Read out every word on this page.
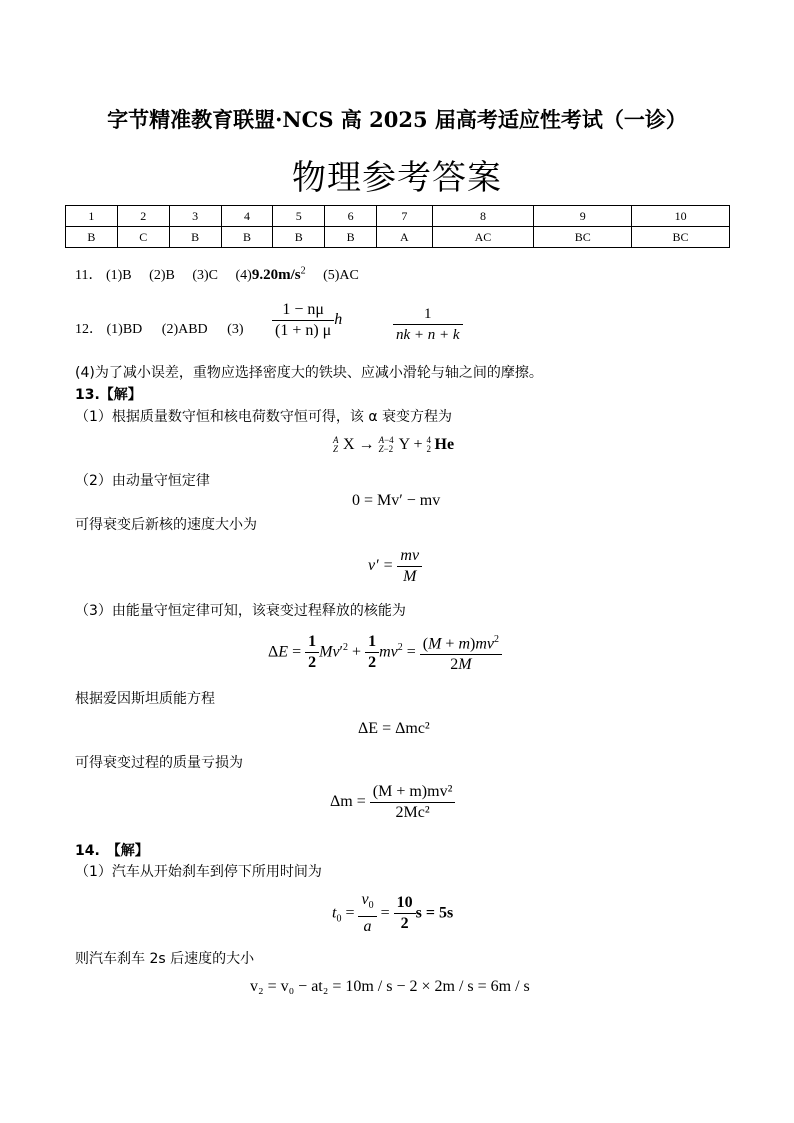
字节精准教育联盟·NCS 高 2025 届高考适应性考试（一诊）
物理参考答案
1	2	3	4	5	6	7	8	9	10
B	C	B	B	B	B	A	AC	BC	BC
11． (1)B (2)B (3)C $(4)9.20m/s^2$ (5)AC
12． (1)BD (2)ABD $(3) \frac{1 - n\mu}{(1 + n) \mu}$ h	$\frac{1}{nk + n + k}$
(4)为了减小误差，重物应选择密度大的铁块、应减小滑轮与轴之间的摩擦。
13.【解】
（1）根据质量数守恒和核电荷数守恒可得，该 α 衰变方程为
A
Z X → A−4
Z−2 Y + 4
2 He
（2）由动量守恒定律
0 = Mv′ − mv
可得衰变后新核的速度大小为
$v' = \frac{mv}{M}$
（3）由能量守恒定律可知，该衰变过程释放的核能为
$\Delta E = \frac{1}{2} Mv'^2 + \frac{1}{2} mv^2 = \frac{(M + m)mv^2}{2M}$
根据爱因斯坦质能方程
ΔE = Δmc²
可得衰变过程的质量亏损为
$\Delta m = \frac{\text{(M + m)mv²}}{\text{2Mc²}}$
14.　【解】
（1）汽车从开始刹车到停下所用时间为
$t_0 = \frac{v_0}{a} = \frac{10}{2}$ s = 5s
则汽车刹车 2s 后速度的大小
v₂ = v₀ − at₂ = 10m / s − 2 × 2m / s = 6m / s
